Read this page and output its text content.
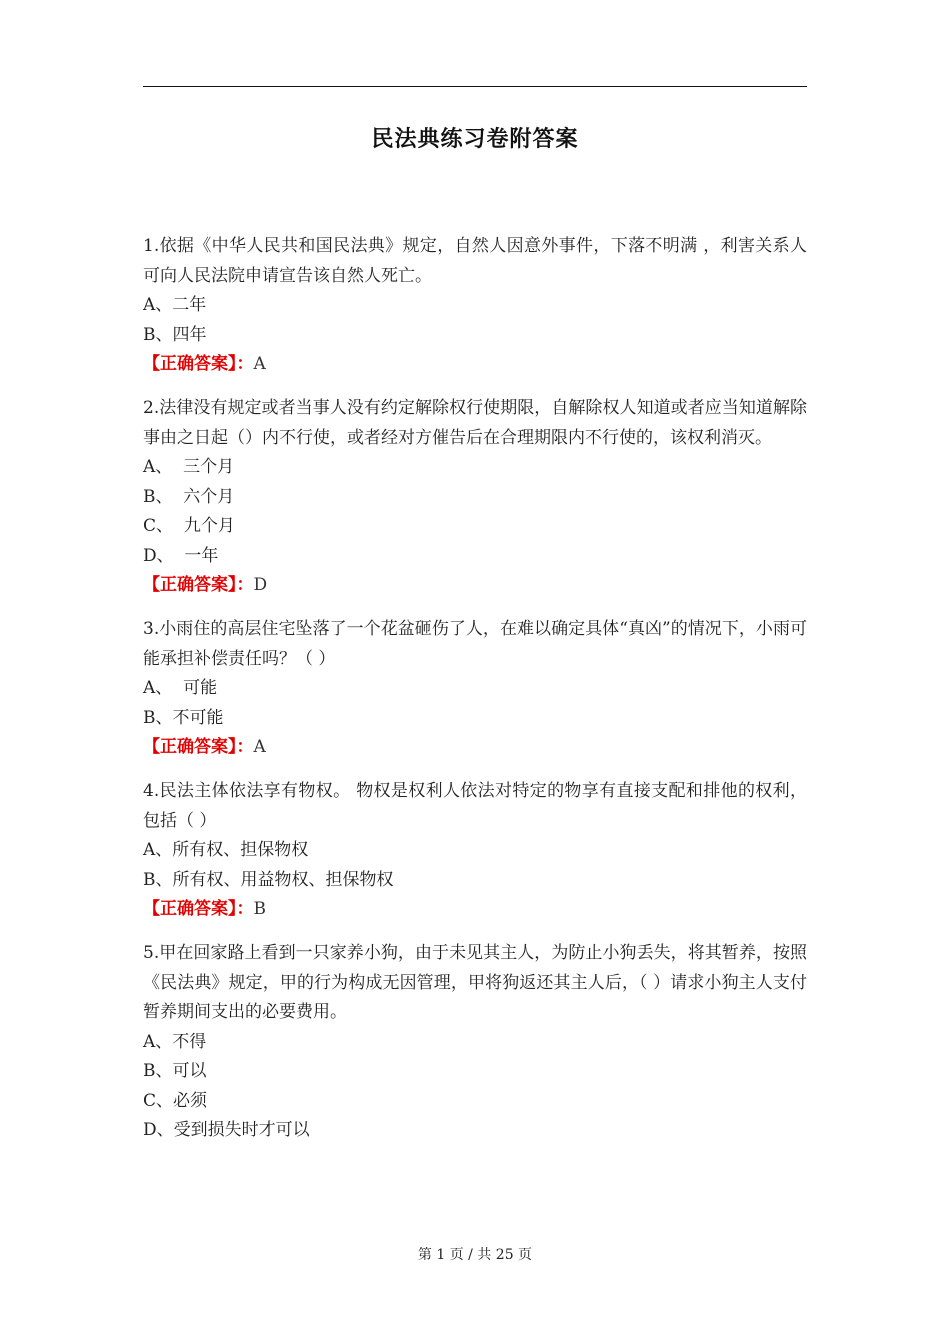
民法典练习卷附答案

1.依据《中华人民共和国民法典》规定，自然人因意外事件，下落不明满 ，利害关系人可向人民法院申请宣告该自然人死亡。

A、二年

B、四年

【正确答案】：A

2.法律没有规定或者当事人没有约定解除权行使期限，自解除权人知道或者应当知道解除事由之日起（）内不行使，或者经对方催告后在合理期限内不行使的，该权利消灭。

A、  三个月

B、  六个月

C、  九个月

D、  一年

【正确答案】：D

3.小雨住的高层住宅坠落了一个花盆砸伤了人，在难以确定具体“真凶”的情况下，小雨可能承担补偿责任吗？（ ）

A、  可能

B、不可能

【正确答案】：A

4.民法主体依法享有物权。 物权是权利人依法对特定的物享有直接支配和排他的权利，包括（ ）

A、所有权、担保物权

B、所有权、用益物权、担保物权

【正确答案】：B

5.甲在回家路上看到一只家养小狗，由于未见其主人，为防止小狗丢失，将其暂养，按照《民法典》规定，甲的行为构成无因管理，甲将狗返还其主人后，（ ）请求小狗主人支付暂养期间支出的必要费用。

A、不得

B、可以

C、必须

D、受到损失时才可以

第 1 页 / 共 25 页
